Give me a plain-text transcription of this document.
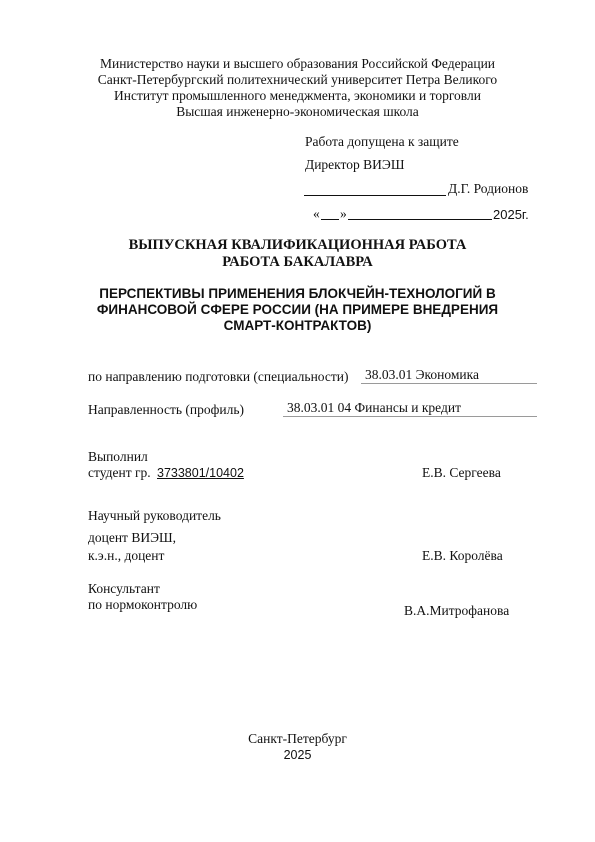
Министерство науки и высшего образования Российской Федерации
Санкт-Петербургский политехнический университет Петра Великого
Институт промышленного менеджмента, экономики и торговли
Высшая инженерно-экономическая школа
Работа допущена к защите
Директор ВИЭШ
Д.Г. Родионов
« »	2025г.
ВЫПУСКНАЯ КВАЛИФИКАЦИОННАЯ РАБОТА
РАБОТА БАКАЛАВРА
ПЕРСПЕКТИВЫ ПРИМЕНЕНИЯ БЛОКЧЕЙН-ТЕХНОЛОГИЙ В
ФИНАНСОВОЙ СФЕРЕ РОССИИ (НА ПРИМЕРЕ ВНЕДРЕНИЯ
СМАРТ-КОНТРАКТОВ)
по направлению подготовки (специальности) 38.03.01 Экономика
Направленность (профиль)	38.03.01 04 Финансы и кредит
Выполнил
студент гр. 3733801/10402	Е.В. Сергеева
Научный руководитель
доцент ВИЭШ,
к.э.н., доцент	Е.В. Королёва
Консультант
по нормоконтролю	В.А.Митрофанова
Санкт-Петербург
2025
